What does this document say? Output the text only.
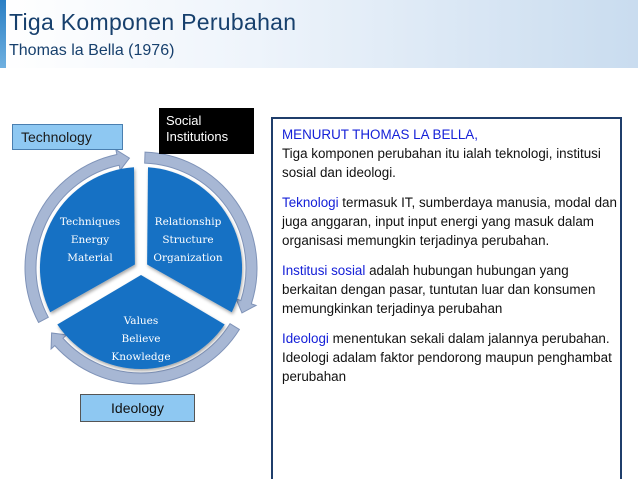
Tiga Komponen Perubahan
Thomas la Bella (1976)
Techniques
Energy
Material
Relationship
Structure
Organization
Values
Believe
Knowledge
Technology
Social
Institutions
Ideology

MENURUT THOMAS LA BELLA,
Tiga komponen perubahan itu ialah teknologi, institusi sosial dan ideologi.

Teknologi termasuk IT, sumberdaya manusia, modal dan juga anggaran, input input energi yang masuk dalam organisasi memungkin terjadinya perubahan.

Institusi sosial adalah hubungan hubungan yang berkaitan dengan pasar, tuntutan luar dan konsumen memungkinkan terjadinya perubahan

Ideologi menentukan sekali dalam jalannya perubahan. Ideologi adalam faktor pendorong maupun penghambat perubahan
